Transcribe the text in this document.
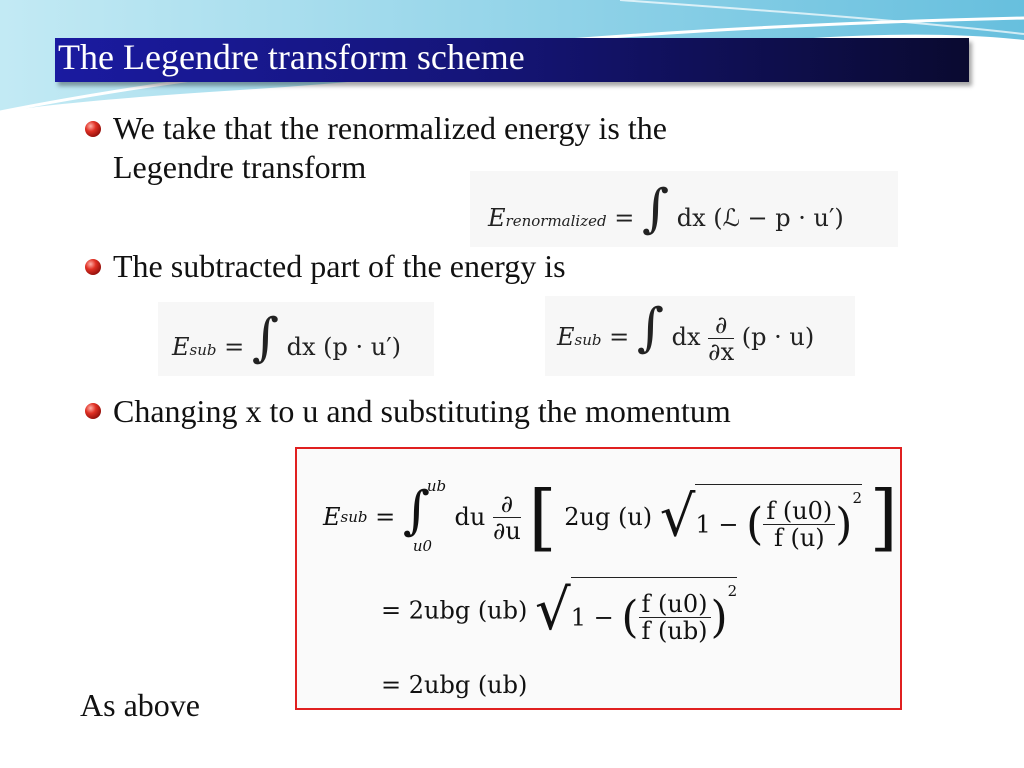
The Legendre transform scheme
We take that the renormalized energy is the
Legendre transform
Erenormalized = ∫ dx (ℒ − p · u′)
The subtracted part of the energy is
Esub = ∫ dx (p · u′)	Esub = ∫ dx $\frac{\partial}{\partial x} (p \cdot u)$
Changing x to u and substituting the momentum
Esub = ∫
ub
u0
du $\frac{\partial}{\partial u}$ [ 2ug (u) √1 − ( $\frac{f (u0)}{f (u)} )^2$ ]
= 2ubg (ub) √1 − ( $\frac{f (u0)}{f (ub)} )^2$
= 2ubg (ub)
As above
